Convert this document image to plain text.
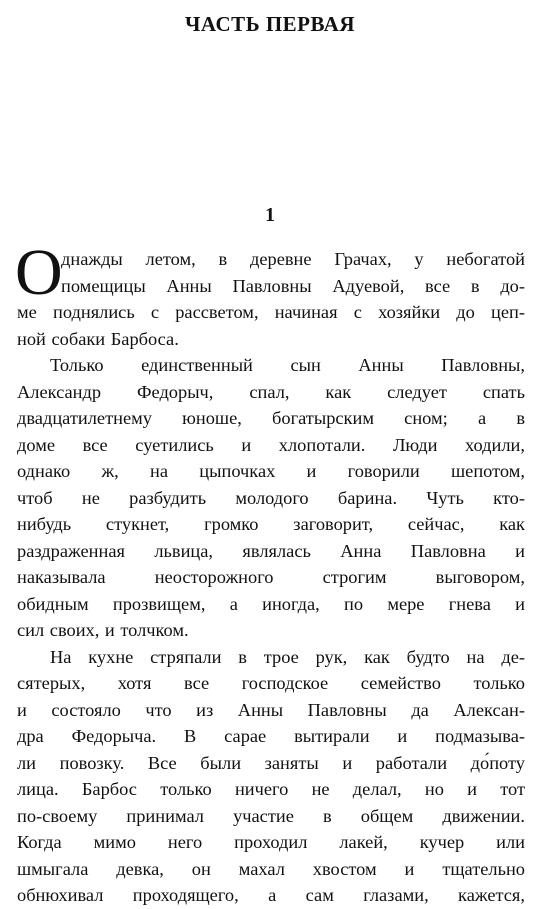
ЧАСТЬ ПЕРВАЯ
1

О
днажды летом, в деревне Грачах, у небогатой
помещицы Анны Павловны Адуевой, все в до-
ме поднялись с рассветом, начиная с хозяйки до цеп-
ной собаки Барбоса.

Только единственный сын Анны Павловны,
Александр Федорыч, спал, как следует спать
двадцатилетнему юноше, богатырским сном; а в
доме все суетились и хлопотали. Люди ходили,
однако ж, на цыпочках и говорили шепотом,
чтоб не разбудить молодого барина. Чуть кто-
нибудь стукнет, громко заговорит, сейчас, как
раздраженная львица, являлась Анна Павловна и
наказывала неосторожного строгим выговором,
обидным прозвищем, а иногда, по мере гнева и
сил своих, и толчком.

На кухне стряпали в трое рук, как будто на де-
сятерых, хотя все господское семейство только
и состояло что из Анны Павловны да Алексан-
дра Федорыча. В сарае вытирали и подмазыва-
ли повозку. Все были заняты и работали до́поту
лица. Барбос только ничего не делал, но и тот
по-своему принимал участие в общем движении.
Когда мимо него проходил лакей, кучер или
шмыгала девка, он махал хвостом и тщательно
обнюхивал проходящего, а сам глазами, кажется,
